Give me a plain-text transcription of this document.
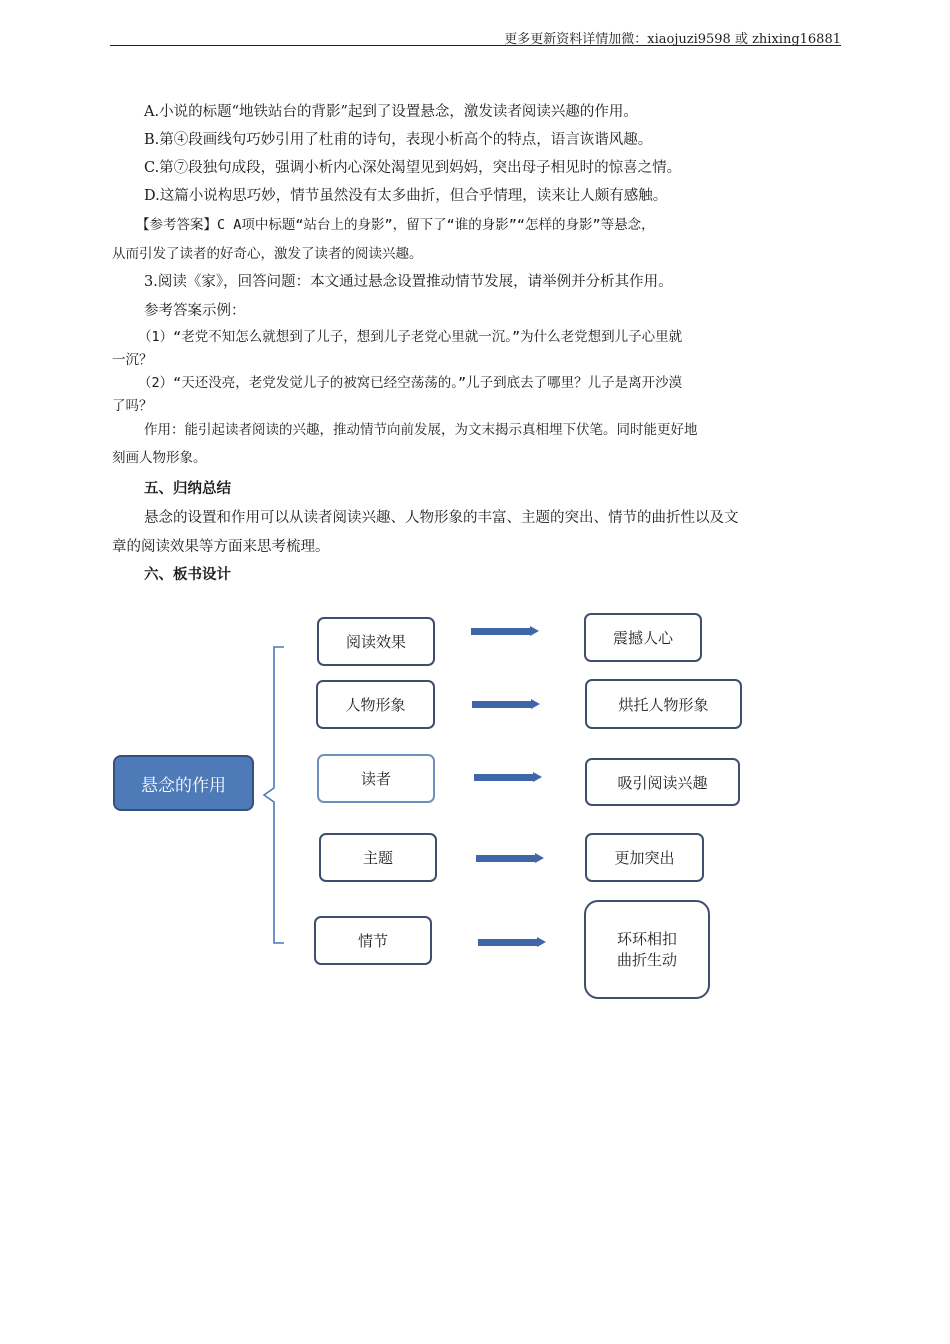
更多更新资料详情加微：xiaojuzi9598 或 zhixing16881
A.小说的标题“地铁站台的背影”起到了设置悬念，激发读者阅读兴趣的作用。
B.第④段画线句巧妙引用了杜甫的诗句，表现小析高个的特点，语言诙谐风趣。
C.第⑦段独句成段，强调小析内心深处渴望见到妈妈，突出母子相见时的惊喜之情。
D.这篇小说构思巧妙，情节虽然没有太多曲折，但合乎情理，读来让人颇有感触。
【参考答案】C A项中标题“站台上的身影”，留下了“谁的身影”“怎样的身影”等悬念，
从而引发了读者的好奇心，激发了读者的阅读兴趣。
3.阅读《家》，回答问题：本文通过悬念设置推动情节发展，请举例并分析其作用。
参考答案示例：
（1）“老党不知怎么就想到了儿子，想到儿子老党心里就一沉。”为什么老党想到儿子心里就
一沉？
（2）“天还没亮，老党发觉儿子的被窝已经空荡荡的。”儿子到底去了哪里？儿子是离开沙漠
了吗？
作用：能引起读者阅读的兴趣，推动情节向前发展，为文末揭示真相埋下伏笔。同时能更好地
刻画人物形象。
五、归纳总结
悬念的设置和作用可以从读者阅读兴趣、人物形象的丰富、主题的突出、情节的曲折性以及文
章的阅读效果等方面来思考梳理。
六、板书设计
悬念的作用
阅读效果
人物形象
读者
主题
情节
震撼人心
烘托人物形象
吸引阅读兴趣
更加突出
环环相扣
曲折生动
